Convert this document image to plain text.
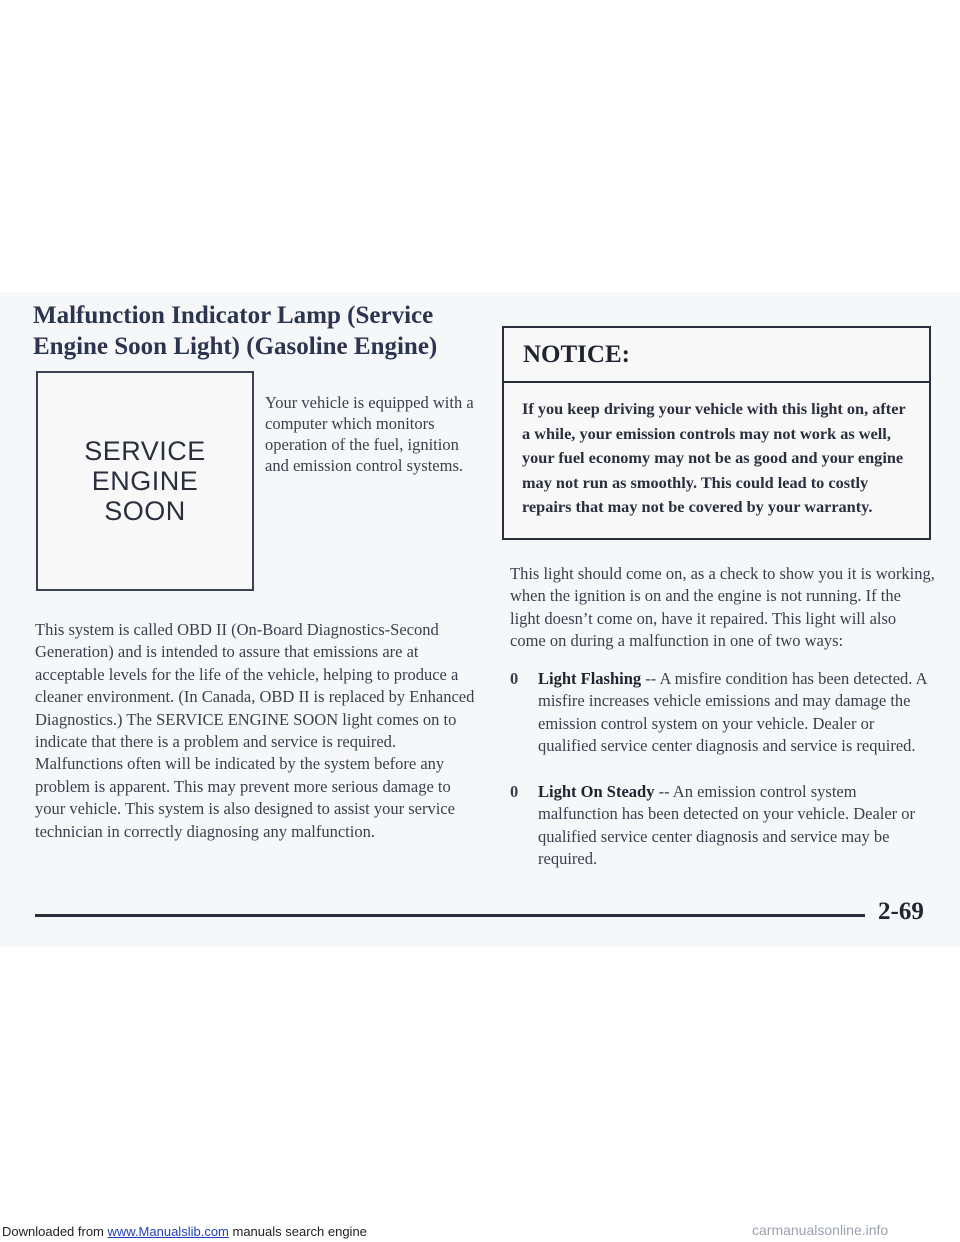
Malfunction Indicator Lamp (Service Engine Soon Light) (Gasoline Engine)
SERVICE
ENGINE
SOON

Your vehicle is equipped with a computer which monitors operation of the fuel, ignition and emission control systems.

This system is called OBD II (On-Board Diagnostics-Second Generation) and is intended to assure that emissions are at acceptable levels for the life of the vehicle, helping to produce a cleaner environment. (In Canada, OBD II is replaced by Enhanced Diagnostics.) The SERVICE ENGINE SOON light comes on to indicate that there is a problem and service is required. Malfunctions often will be indicated by the system before any problem is apparent. This may prevent more serious damage to your vehicle. This system is also designed to assist your service technician in correctly diagnosing any malfunction.

NOTICE:

If you keep driving your vehicle with this light on, after a while, your emission controls may not work as well, your fuel economy may not be as good and your engine may not run as smoothly. This could lead to costly repairs that may not be covered by your warranty.

This light should come on, as a check to show you it is working, when the ignition is on and the engine is not running. If the light doesn’t come on, have it repaired. This light will also come on during a malfunction in one of two ways:

0 Light Flashing -- A misfire condition has been detected. A misfire increases vehicle emissions and may damage the emission control system on your vehicle. Dealer or qualified service center diagnosis and service is required.
0 Light On Steady -- An emission control system malfunction has been detected on your vehicle. Dealer or qualified service center diagnosis and service may be required.

2-69

Downloaded from www.Manualslib.com manuals search engine	carmanualsonline.info
